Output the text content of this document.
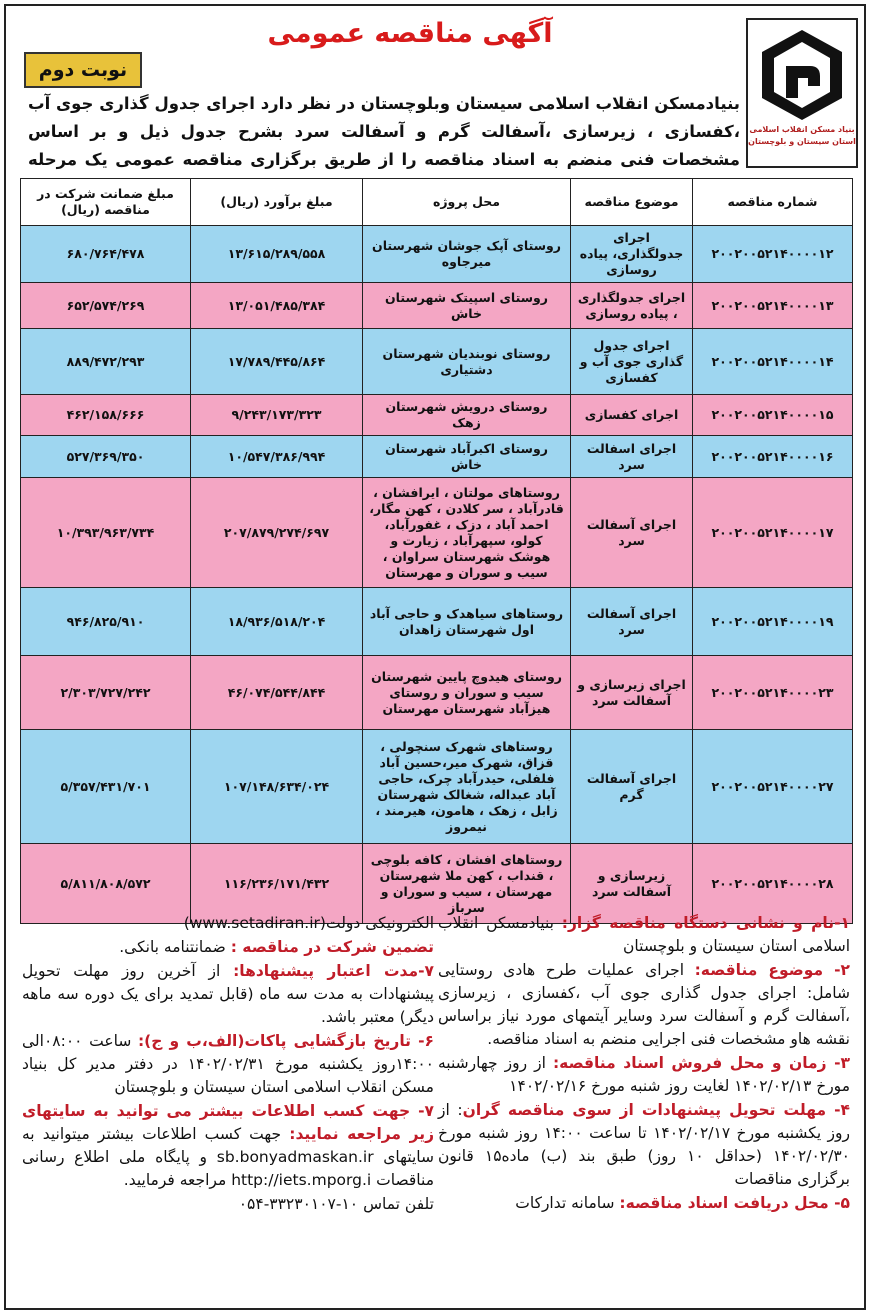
آگهی مناقصه عمومی
نوبت دوم
بنیاد مسکن انقلاب اسلامی
استان سیستان و بلوچستان
بنیادمسکن انقلاب اسلامی سیستان وبلوچستان در نظر دارد اجرای جدول گذاری جوی آب ،کفسازی ، زیرسازی ،آسفالت گرم و آسفالت سرد بشرح جدول ذیل و بر اساس مشخصات فنی منضم به اسناد مناقصه را از طریق برگزاری مناقصه عمومی یک مرحله
شماره مناقصه	موضوع مناقصه	محل پروژه	مبلغ برآورد (ریال)	مبلغ ضمانت شرکت در مناقصه (ریال)
۲۰۰۲۰۰۵۲۱۴۰۰۰۰۱۲	اجرای جدولگذاری، پیاده روسازی	روستای آپک جوشان شهرستان میرجاوه	۱۳/۶۱۵/۲۸۹/۵۵۸	۶۸۰/۷۶۴/۴۷۸
۲۰۰۲۰۰۵۲۱۴۰۰۰۰۱۳	اجرای جدولگذاری ، پیاده روسازی	روستای اسپیتک شهرستان خاش	۱۳/۰۵۱/۴۸۵/۳۸۴	۶۵۲/۵۷۴/۲۶۹
۲۰۰۲۰۰۵۲۱۴۰۰۰۰۱۴	اجرای جدول گذاری جوی آب و کفسازی	روستای نوبندیان شهرستان دشتیاری	۱۷/۷۸۹/۴۴۵/۸۶۴	۸۸۹/۴۷۲/۲۹۳
۲۰۰۲۰۰۵۲۱۴۰۰۰۰۱۵	اجرای کفسازی	روستای درویش شهرستان زهک	۹/۲۴۳/۱۷۳/۳۲۳	۴۶۲/۱۵۸/۶۶۶
۲۰۰۲۰۰۵۲۱۴۰۰۰۰۱۶	اجرای اسفالت سرد	روستای اکبرآباد شهرستان خاش	۱۰/۵۴۷/۳۸۶/۹۹۴	۵۲۷/۳۶۹/۳۵۰
۲۰۰۲۰۰۵۲۱۴۰۰۰۰۱۷	اجرای آسفالت سرد	روستاهای مولتان ، ایرافشان ، قادرآباد ، سر کلادن ، کهن مگار، احمد آباد ، دزک ، غفورآباد، کولو، سپهرآباد ، زیارت و هوشک شهرستان سراوان ، سیب و سوران و مهرستان	۲۰۷/۸۷۹/۲۷۴/۶۹۷	۱۰/۳۹۳/۹۶۳/۷۳۴
۲۰۰۲۰۰۵۲۱۴۰۰۰۰۱۹	اجرای آسفالت سرد	روستاهای سیاهدک و حاجی آباد اول شهرستان زاهدان	۱۸/۹۳۶/۵۱۸/۲۰۴	۹۴۶/۸۲۵/۹۱۰
۲۰۰۲۰۰۵۲۱۴۰۰۰۰۲۳	اجرای زیرسازی و آسفالت سرد	روستای هیدوچ پایین شهرستان سیب و سوران و روستای هیزآباد شهرستان مهرستان	۴۶/۰۷۴/۵۴۴/۸۴۴	۲/۳۰۳/۷۲۷/۲۴۲
۲۰۰۲۰۰۵۲۱۴۰۰۰۰۲۷	اجرای آسفالت گرم	روستاهای شهرک سنچولی ، قزاق، شهرک میر،حسین آباد فلفلی، حیدرآباد چرک، حاجی آباد عبداله، شغالک شهرستان زابل ، زهک ، هامون، هیرمند ، نیمروز	۱۰۷/۱۴۸/۶۳۴/۰۲۴	۵/۳۵۷/۴۳۱/۷۰۱
۲۰۰۲۰۰۵۲۱۴۰۰۰۰۲۸	زیرسازی و آسفالت سرد	روستاهای افشان ، کافه بلوچی ، قنداب ، کهن ملا شهرستان مهرستان ، سیب و سوران و سرباز	۱۱۶/۲۳۶/۱۷۱/۴۳۲	۵/۸۱۱/۸۰۸/۵۷۲
۱-نام و نشانی دستگاه مناقصه گزار: بنیادمسکن انقلاب اسلامی استان سیستان و بلوچستان
۲- موضوع مناقصه: اجرای عملیات طرح هادی روستایی شامل: اجرای جدول گذاری جوی آب ،کفسازی ، زیرسازی ،آسفالت گرم و آسفالت سرد وسایر آیتمهای مورد نیاز براساس نقشه هاو مشخصات فنی اجرایی منضم به اسناد مناقصه.
۳- زمان و محل فروش اسناد مناقصه: از روز چهارشنبه مورخ ۱۴۰۲/۰۲/۱۳ لغایت روز شنبه مورخ ۱۴۰۲/۰۲/۱۶
۴- مهلت تحویل پیشنهادات از سوی مناقصه گران: از روز یکشنبه مورخ ۱۴۰۲/۰۲/۱۷ تا ساعت ۱۴:۰۰ روز شنبه مورخ ۱۴۰۲/۰۲/۳۰ (حداقل ۱۰ روز) طبق بند (ب) ماده۱۵ قانون برگزاری مناقصات
۵- محل دریافت اسناد مناقصه: سامانه تدارکات
الکترونیکی دولت(www.setadiran.ir)
تضمین شرکت در مناقصه : ضمانتنامه بانکی.
۷-مدت اعتبار پیشنهادها: از آخرین روز مهلت تحویل پیشنهادات به مدت سه ماه (قابل تمدید برای یک دوره سه ماهه دیگر) معتبر باشد.
۶- تاریخ بازگشایی پاکات(الف،ب و ج): ساعت ۰۸:۰۰الی ۱۴:۰۰روز یکشنبه مورخ ۱۴۰۲/۰۲/۳۱ در دفتر مدیر کل بنیاد مسکن انقلاب اسلامی استان سیستان و بلوچستان
۷- جهت کسب اطلاعات بیشتر می توانید به سایتهای زیر مراجعه نمایید: جهت کسب اطلاعات بیشتر میتوانید به سایتهای sb.bonyadmaskan.ir و پایگاه ملی اطلاع رسانی مناقصات http://iets.mporg.i مراجعه فرمایید.
تلفن تماس ۱۰-۳۳۲۳۰۱۰۷-۰۵۴
